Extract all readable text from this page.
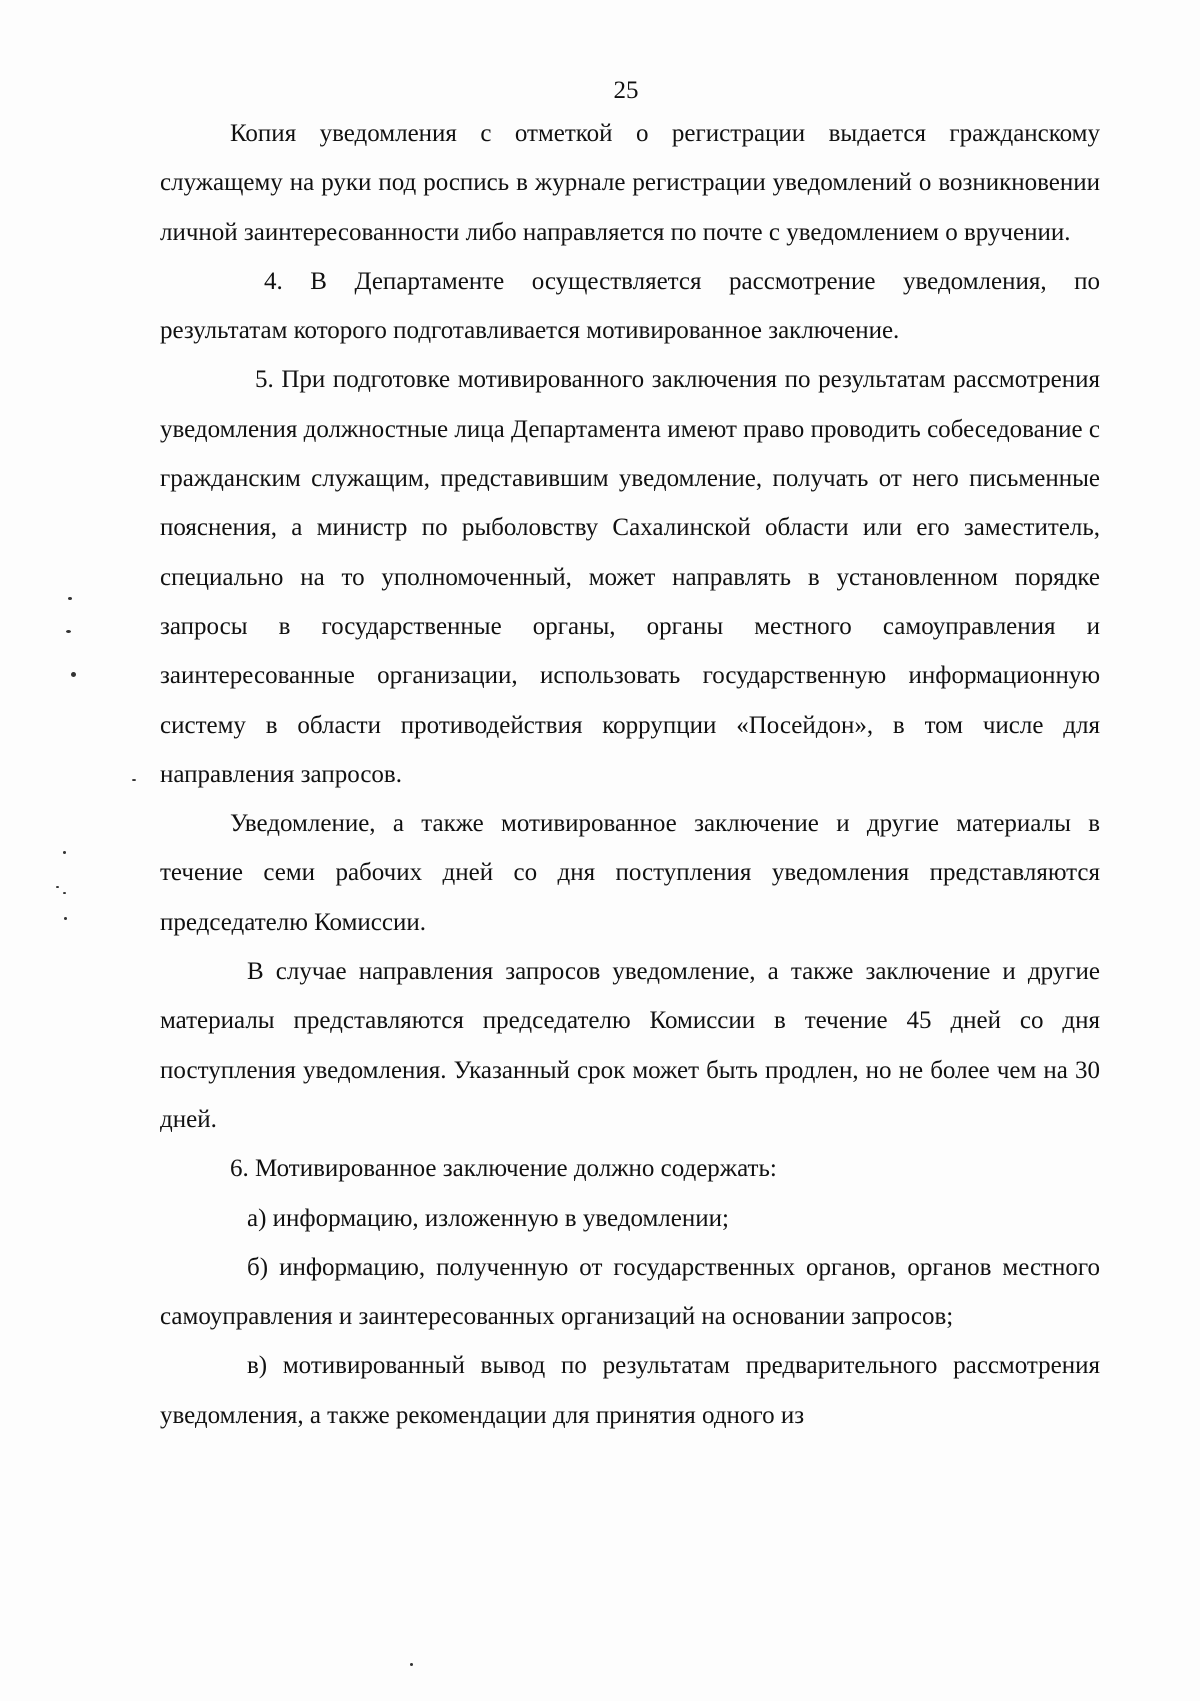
25

Копия уведомления с отметкой о регистрации выдается гражданскому служащему на руки под роспись в журнале регистрации уведомлений о возникновении личной заинтересованности либо направляется по почте с уведомлением о вручении.

4. В Департаменте осуществляется рассмотрение уведомления, по результатам которого подготавливается мотивированное заключение.

5. При подготовке мотивированного заключения по результатам рассмотрения уведомления должностные лица Департамента имеют право проводить собеседование с гражданским служащим, представившим уведомление, получать от него письменные пояснения, а министр по рыболовству Сахалинской области или его заместитель, специально на то уполномоченный, может направлять в установленном порядке запросы в государственные органы, органы местного самоуправления и заинтересованные организации, использовать государственную информационную систему в области противодействия коррупции «Посейдон», в том числе для направления запросов.

Уведомление, а также мотивированное заключение и другие материалы в течение семи рабочих дней со дня поступления уведомления представляются председателю Комиссии.

В случае направления запросов уведомление, а также заключение и другие материалы представляются председателю Комиссии в течение 45 дней со дня поступления уведомления. Указанный срок может быть продлен, но не более чем на 30 дней.

6. Мотивированное заключение должно содержать:

а) информацию, изложенную в уведомлении;

б) информацию, полученную от государственных органов, органов местного самоуправления и заинтересованных организаций на основании запросов;

в) мотивированный вывод по результатам предварительного рассмотрения уведомления, а также рекомендации для принятия одного из
